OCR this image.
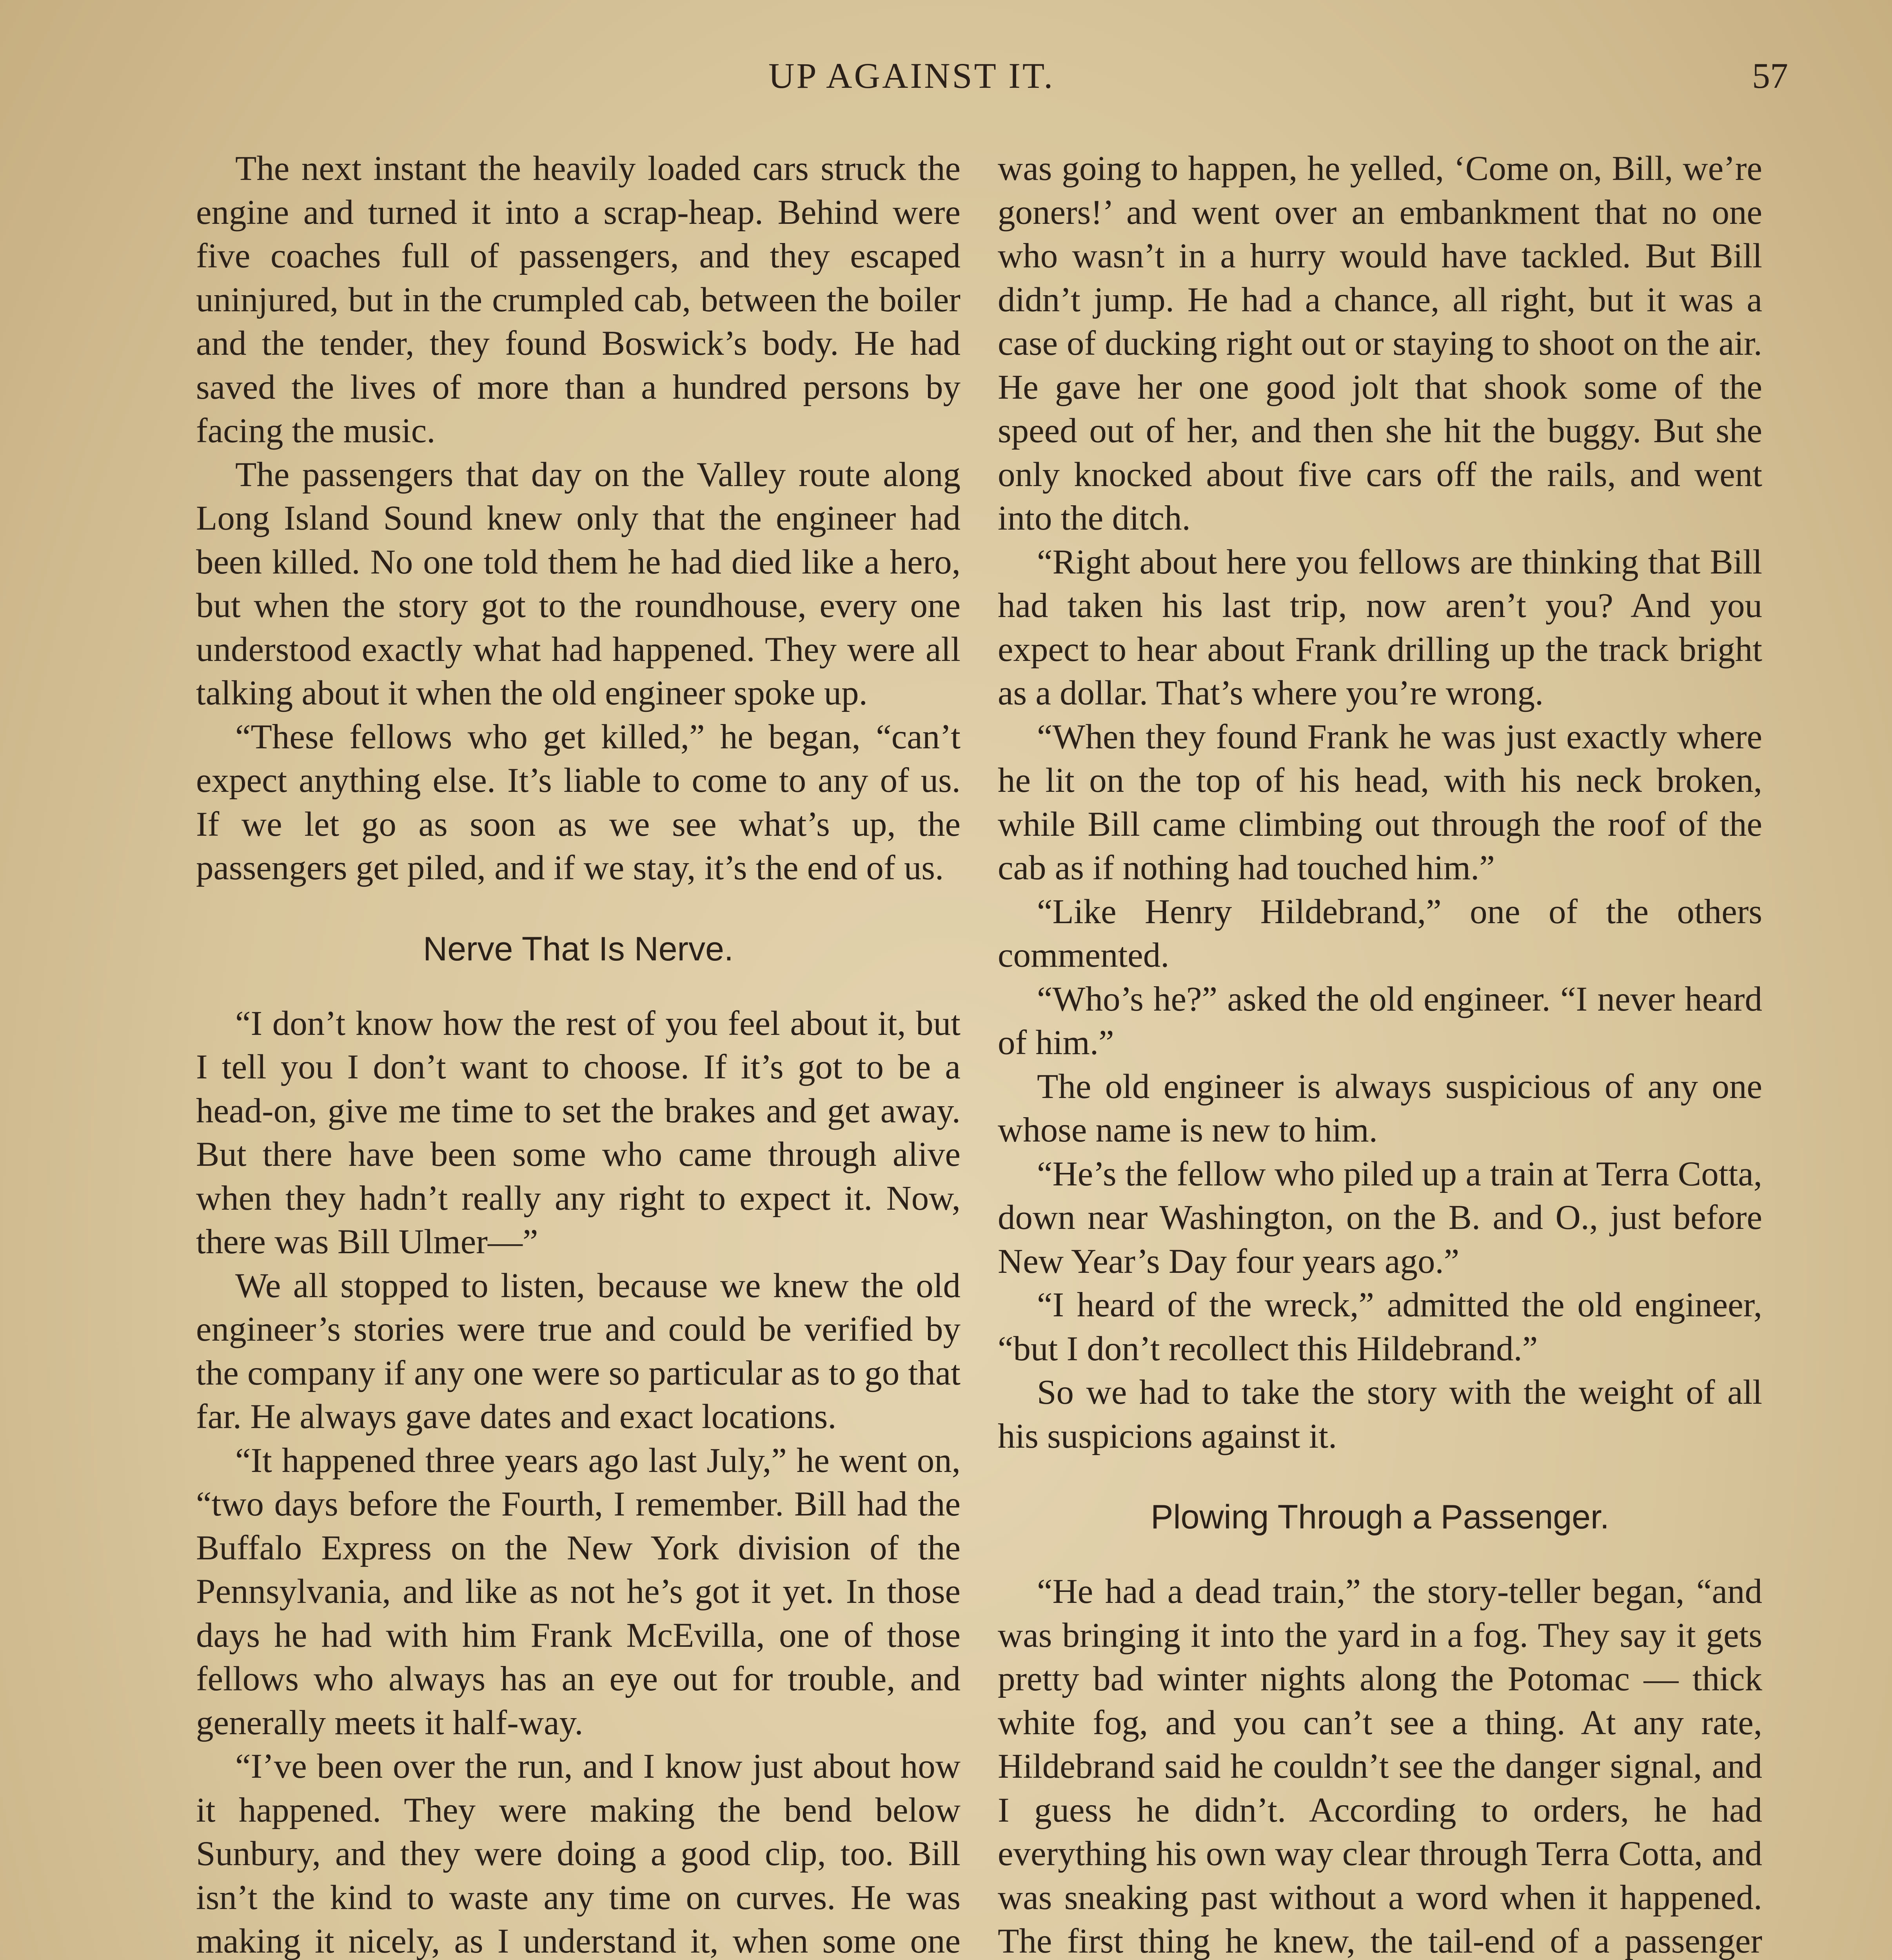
UP AGAINST IT.	57

The next instant the heavily loaded cars struck the engine and turned it into a scrap-heap. Behind were five coaches full of passengers, and they escaped uninjured, but in the crumpled cab, between the boiler and the tender, they found Boswick’s body. He had saved the lives of more than a hundred persons by facing the music.

The passengers that day on the Valley route along Long Island Sound knew only that the engineer had been killed. No one told them he had died like a hero, but when the story got to the roundhouse, every one understood exactly what had happened. They were all talking about it when the old engineer spoke up.

“These fellows who get killed,” he began, “can’t expect anything else. It’s liable to come to any of us. If we let go as soon as we see what’s up, the passengers get piled, and if we stay, it’s the end of us.

Nerve That Is Nerve.

“I don’t know how the rest of you feel about it, but I tell you I don’t want to choose. If it’s got to be a head-on, give me time to set the brakes and get away. But there have been some who came through alive when they hadn’t really any right to expect it. Now, there was Bill Ulmer—”

We all stopped to listen, because we knew the old engineer’s stories were true and could be verified by the company if any one were so particular as to go that far. He always gave dates and exact locations.

“It happened three years ago last July,” he went on, “two days before the Fourth, I remember. Bill had the Buffalo Express on the New York division of the Pennsylvania, and like as not he’s got it yet. In those days he had with him Frank McEvilla, one of those fellows who always has an eye out for trouble, and generally meets it half-way.

“I’ve been over the run, and I know just about how it happened. They were making the bend below Sunbury, and they were doing a good clip, too. Bill isn’t the kind to waste any time on curves. He was making it nicely, as I understand it, when some one

was going to happen, he yelled, ‘Come on, Bill, we’re goners!’ and went over an embankment that no one who wasn’t in a hurry would have tackled. But Bill didn’t jump. He had a chance, all right, but it was a case of ducking right out or staying to shoot on the air. He gave her one good jolt that shook some of the speed out of her, and then she hit the buggy. But she only knocked about five cars off the rails, and went into the ditch.

“Right about here you fellows are thinking that Bill had taken his last trip, now aren’t you? And you expect to hear about Frank drilling up the track bright as a dollar. That’s where you’re wrong.

“When they found Frank he was just exactly where he lit on the top of his head, with his neck broken, while Bill came climbing out through the roof of the cab as if nothing had touched him.”

“Like Henry Hildebrand,” one of the others commented.

“Who’s he?” asked the old engineer. “I never heard of him.”

The old engineer is always suspicious of any one whose name is new to him.

“He’s the fellow who piled up a train at Terra Cotta, down near Washington, on the B. and O., just before New Year’s Day four years ago.”

“I heard of the wreck,” admitted the old engineer, “but I don’t recollect this Hildebrand.”

So we had to take the story with the weight of all his suspicions against it.

Plowing Through a Passenger.

“He had a dead train,” the story-teller began, “and was bringing it into the yard in a fog. They say it gets pretty bad winter nights along the Potomac — thick white fog, and you can’t see a thing. At any rate, Hildebrand said he couldn’t see the danger signal, and I guess he didn’t. According to orders, he had everything his own way clear through Terra Cotta, and was sneaking past without a word when it happened. The first thing he knew, the tail-end of a passenger
